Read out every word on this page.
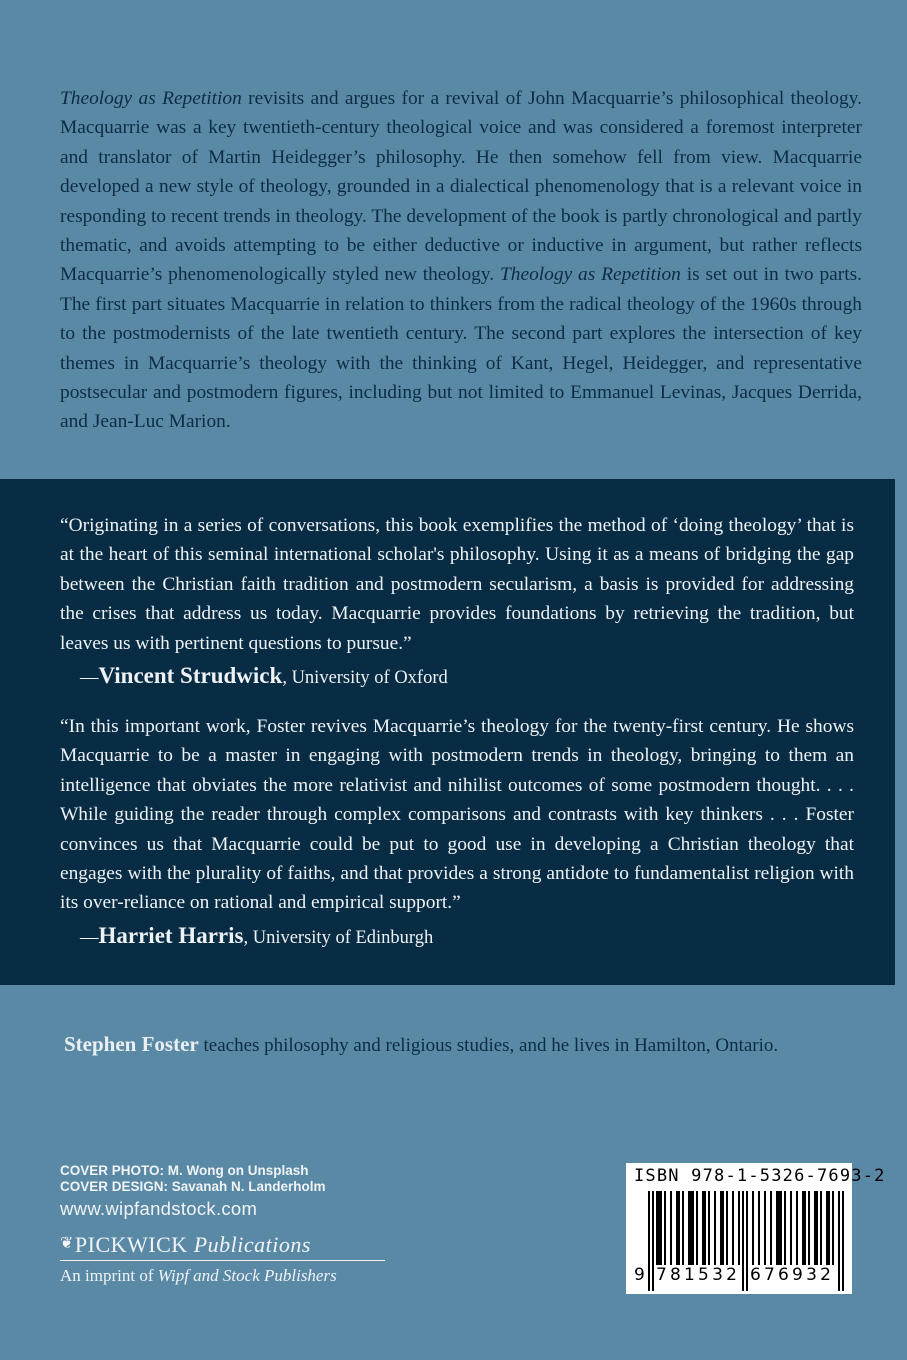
Theology as Repetition revisits and argues for a revival of John Macquarrie’s philosophical theology. Macquarrie was a key twentieth-century theological voice and was considered a foremost interpreter and translator of Martin Heidegger’s philosophy. He then somehow fell from view. Macquarrie developed a new style of theology, grounded in a dialectical phenomenology that is a relevant voice in responding to recent trends in theology. The development of the book is partly chronological and partly thematic, and avoids attempting to be either deductive or inductive in argument, but rather reflects Macquarrie’s phenomenologically styled new theology. Theology as Repetition is set out in two parts. The first part situates Macquarrie in relation to thinkers from the radical theology of the 1960s through to the postmodernists of the late twentieth century. The second part explores the intersection of key themes in Macquarrie’s theology with the thinking of Kant, Hegel, Heidegger, and representative postsecular and postmodern figures, including but not limited to Emmanuel Levinas, Jacques Derrida, and Jean-Luc Marion.

“Originating in a series of conversations, this book exemplifies the method of ‘doing theology’ that is at the heart of this seminal international scholar's philosophy. Using it as a means of bridging the gap between the Christian faith tradition and postmodern secularism, a basis is provided for addressing the crises that address us today. Macquarrie provides foundations by retrieving the tradition, but leaves us with pertinent questions to pursue.”

—Vincent Strudwick, University of Oxford

“In this important work, Foster revives Macquarrie’s theology for the twenty-first century. He shows Macquarrie to be a master in engaging with postmodern trends in theology, bringing to them an intelligence that obviates the more relativist and nihilist outcomes of some postmodern thought. . . . While guiding the reader through complex comparisons and contrasts with key thinkers . . . Foster convinces us that Macquarrie could be put to good use in developing a Christian theology that engages with the plurality of faiths, and that provides a strong antidote to fundamentalist religion with its over-reliance on rational and empirical support.”

—Harriet Harris, University of Edinburgh

Stephen Foster teaches philosophy and religious studies, and he lives in Hamilton, Ontario.

COVER PHOTO: M. Wong on Unsplash
COVER DESIGN: Savanah N. Landerholm
www.wipfandstock.com
❦PICKWICK Publications
An imprint of Wipf and Stock Publishers
ISBN 978-1-5326-7693-2
9 781532 676932
